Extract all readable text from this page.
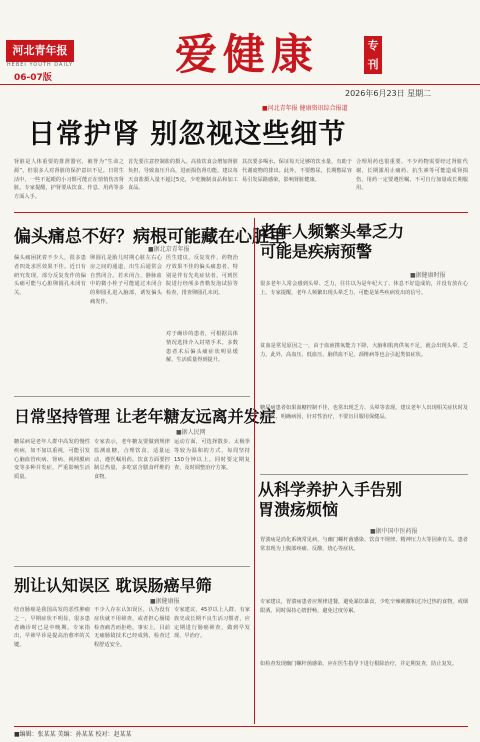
河北青年报
HEBEI YOUTH DAILY
06-07版	爱健康	专刊
2026年6月23日 星期二
■河北青年报 健康资讯综合报道
日常护肾 别忽视这些细节
肾脏是人体重要的排泄器官，被誉为“生命之源”，但很多人对肾脏的保护意识不足。日常生活中，一些不起眼的小习惯可能正在悄悄伤害肾脏。专家提醒，护肾要从饮食、作息、用药等多方面入手。
首先要注意控制盐的摄入。高盐饮食会增加肾脏负担，导致血压升高，进而损伤肾功能。建议每天食盐摄入量不超过5克，少吃腌制食品和加工食品。
其次要多喝水，保证每天足够的饮水量，有助于代谢废物的排出。此外，不要憋尿，长期憋尿容易引发尿路感染，影响肾脏健康。
合理用药也很重要。不少药物需要经过肾脏代谢，长期滥用止痛药、抗生素等可能造成肾损伤，用药一定要遵医嘱，不可自行加量或长期服用。
偏头痛总不好？病根可能藏在心脏里
■据北京青年报
偏头痛困扰着不少人，很多患者四处求医效果不佳。近日有研究发现，部分反复发作的偏头痛可能与心脏卵圆孔未闭有关。
卵圆孔是胎儿时期心脏左右心房之间的通道，出生后通常会自然闭合。若未闭合，静脉血中的微小栓子可能通过未闭合的卵圆孔进入脑部，诱发偏头痛发作。
医生建议，反复发作、药物治疗效果不佳的偏头痛患者，特别是伴有先兆症状者，可到医院进行经颅多普勒发泡试验等检查，排查卵圆孔未闭。
对于确诊的患者，可根据具体情况选择介入封堵手术。多数患者术后偏头痛症状明显缓解，生活质量得到提升。
日常坚持管理 让老年糖友远离并发症
■据人民网
糖尿病是老年人群中高发的慢性疾病，如不加以重视，可能引发心脑血管疾病、肾病、视网膜病变等多种并发症，严重影响生活质量。
专家表示，老年糖友要做到规律监测血糖，合理饮食，适量运动，遵医嘱用药。饮食方面要控制总热量，多吃富含膳食纤维的食物。
运动方面，可选择散步、太极拳等较为温和的方式，每周坚持150分钟以上。同时要定期复查，及时调整治疗方案。
别让认知误区 耽误肠癌早筛
■据健康报
结直肠癌是我国高发的恶性肿瘤之一，早期症状不明显，很多患者确诊时已是中晚期。专家指出，早筛早诊是提高治愈率的关键。
不少人存在认知误区，认为没有症状就不用筛查，或者担心肠镜检查痛苦而拒绝。事实上，目前无痛肠镜技术已经成熟，检查过程舒适安全。
专家建议，45岁以上人群、有家族史或长期不良生活习惯者，应定期进行肠癌筛查，做到早发现、早治疗。
老年人频繁头晕乏力可能是疾病预警
■据健康时报
很多老年人常会感到头晕、乏力，往往以为是年纪大了、休息不好造成的，并没有放在心上。专家提醒，老年人频繁出现头晕乏力，可能是某些疾病发出的信号。
贫血是常见原因之一，由于血液携氧能力下降，大脑和肌肉供氧不足，就会出现头晕、乏力。此外，高血压、低血压、脑供血不足、颈椎病等也会引起类似症状。
糖尿病患者如果血糖控制不佳，也常出现乏力、头晕等表现。建议老年人出现相关症状时及时就医，明确病因，针对性治疗，不要盲目服用保健品。
从科学养护入手告别胃溃疡烦恼
■据中国中医药报
胃溃疡是消化系统常见病，与幽门螺杆菌感染、饮食不规律、精神压力大等因素有关。患者常表现为上腹部疼痛、反酸、烧心等症状。
专家建议，胃溃疡患者应规律进餐，避免暴饮暴食，少吃辛辣刺激和过冷过热的食物，戒烟限酒。同时保持心情舒畅，避免过度劳累。
如检查发现幽门螺杆菌感染，应在医生指导下进行根除治疗，并定期复查，防止复发。
■编辑：张某某 美编：孙某某 校对：赵某某
